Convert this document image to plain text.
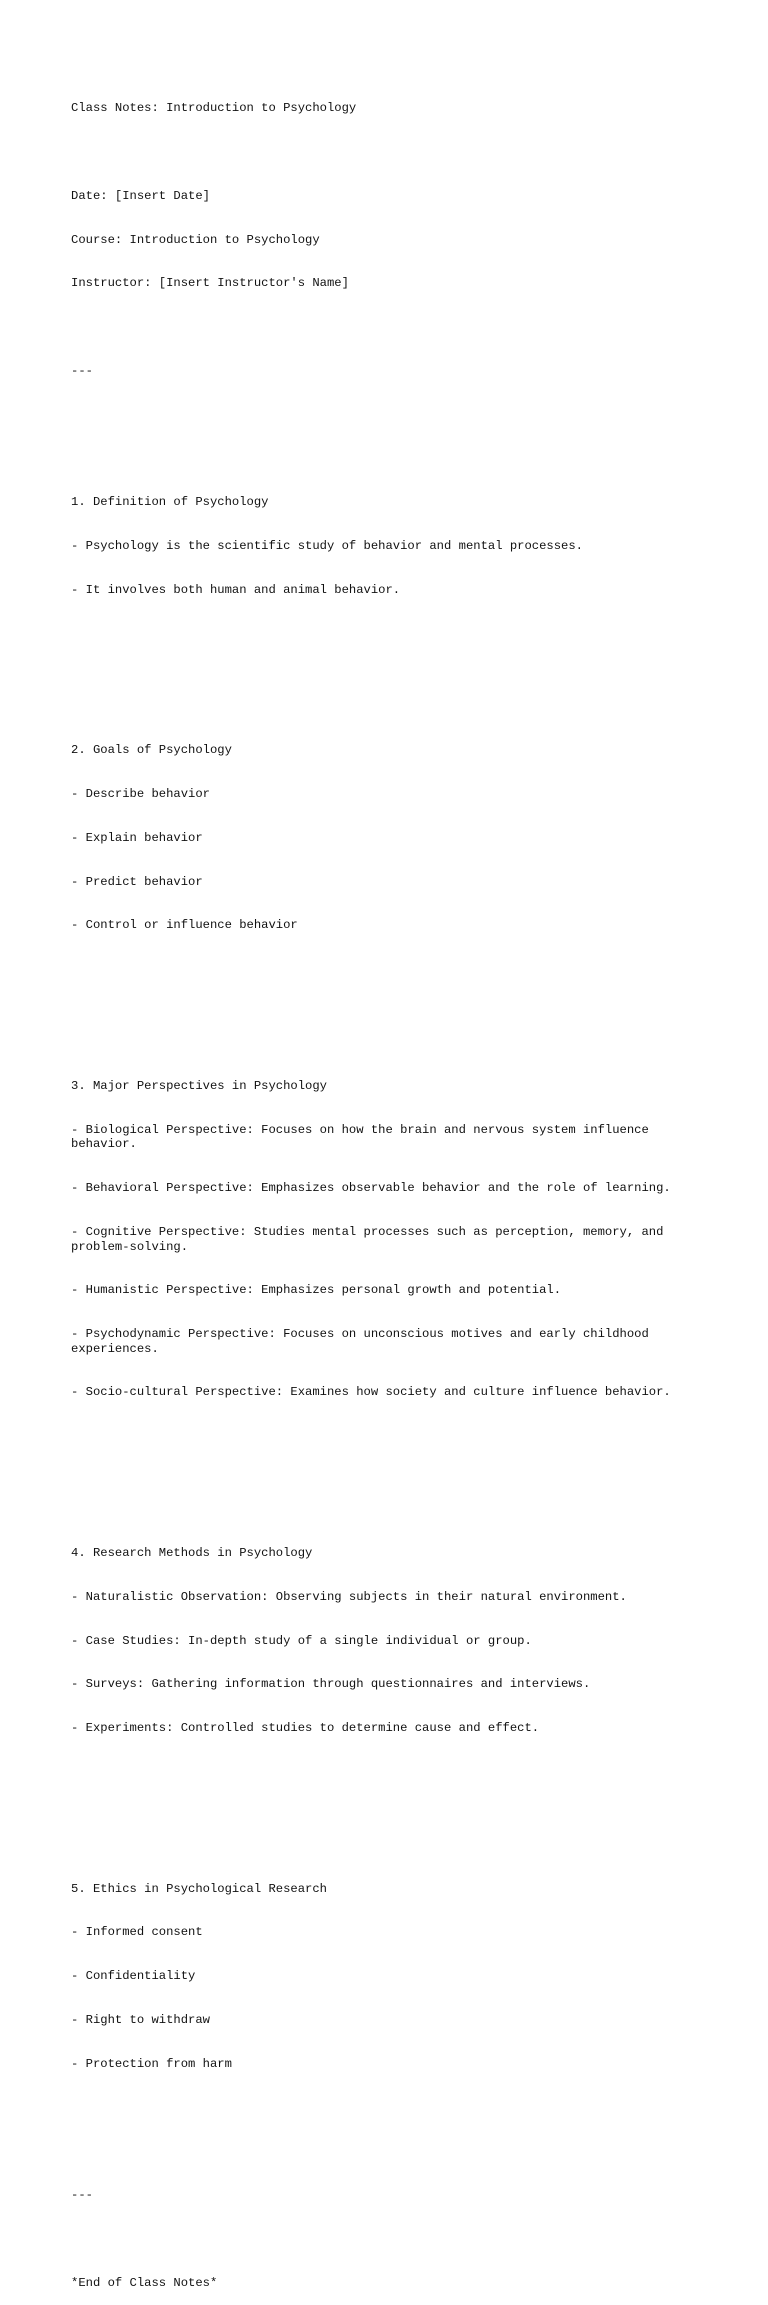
Class Notes: Introduction to Psychology

Date: [Insert Date]

Course: Introduction to Psychology

Instructor: [Insert Instructor's Name]

---

1. Definition of Psychology

- Psychology is the scientific study of behavior and mental processes.

- It involves both human and animal behavior.

2. Goals of Psychology

- Describe behavior

- Explain behavior

- Predict behavior

- Control or influence behavior

3. Major Perspectives in Psychology

- Biological Perspective: Focuses on how the brain and nervous system influence behavior.

- Behavioral Perspective: Emphasizes observable behavior and the role of learning.

- Cognitive Perspective: Studies mental processes such as perception, memory, and problem-solving.

- Humanistic Perspective: Emphasizes personal growth and potential.

- Psychodynamic Perspective: Focuses on unconscious motives and early childhood experiences.

- Socio-cultural Perspective: Examines how society and culture influence behavior.

4. Research Methods in Psychology

- Naturalistic Observation: Observing subjects in their natural environment.

- Case Studies: In-depth study of a single individual or group.

- Surveys: Gathering information through questionnaires and interviews.

- Experiments: Controlled studies to determine cause and effect.

5. Ethics in Psychological Research

- Informed consent

- Confidentiality

- Right to withdraw

- Protection from harm

---

*End of Class Notes*
